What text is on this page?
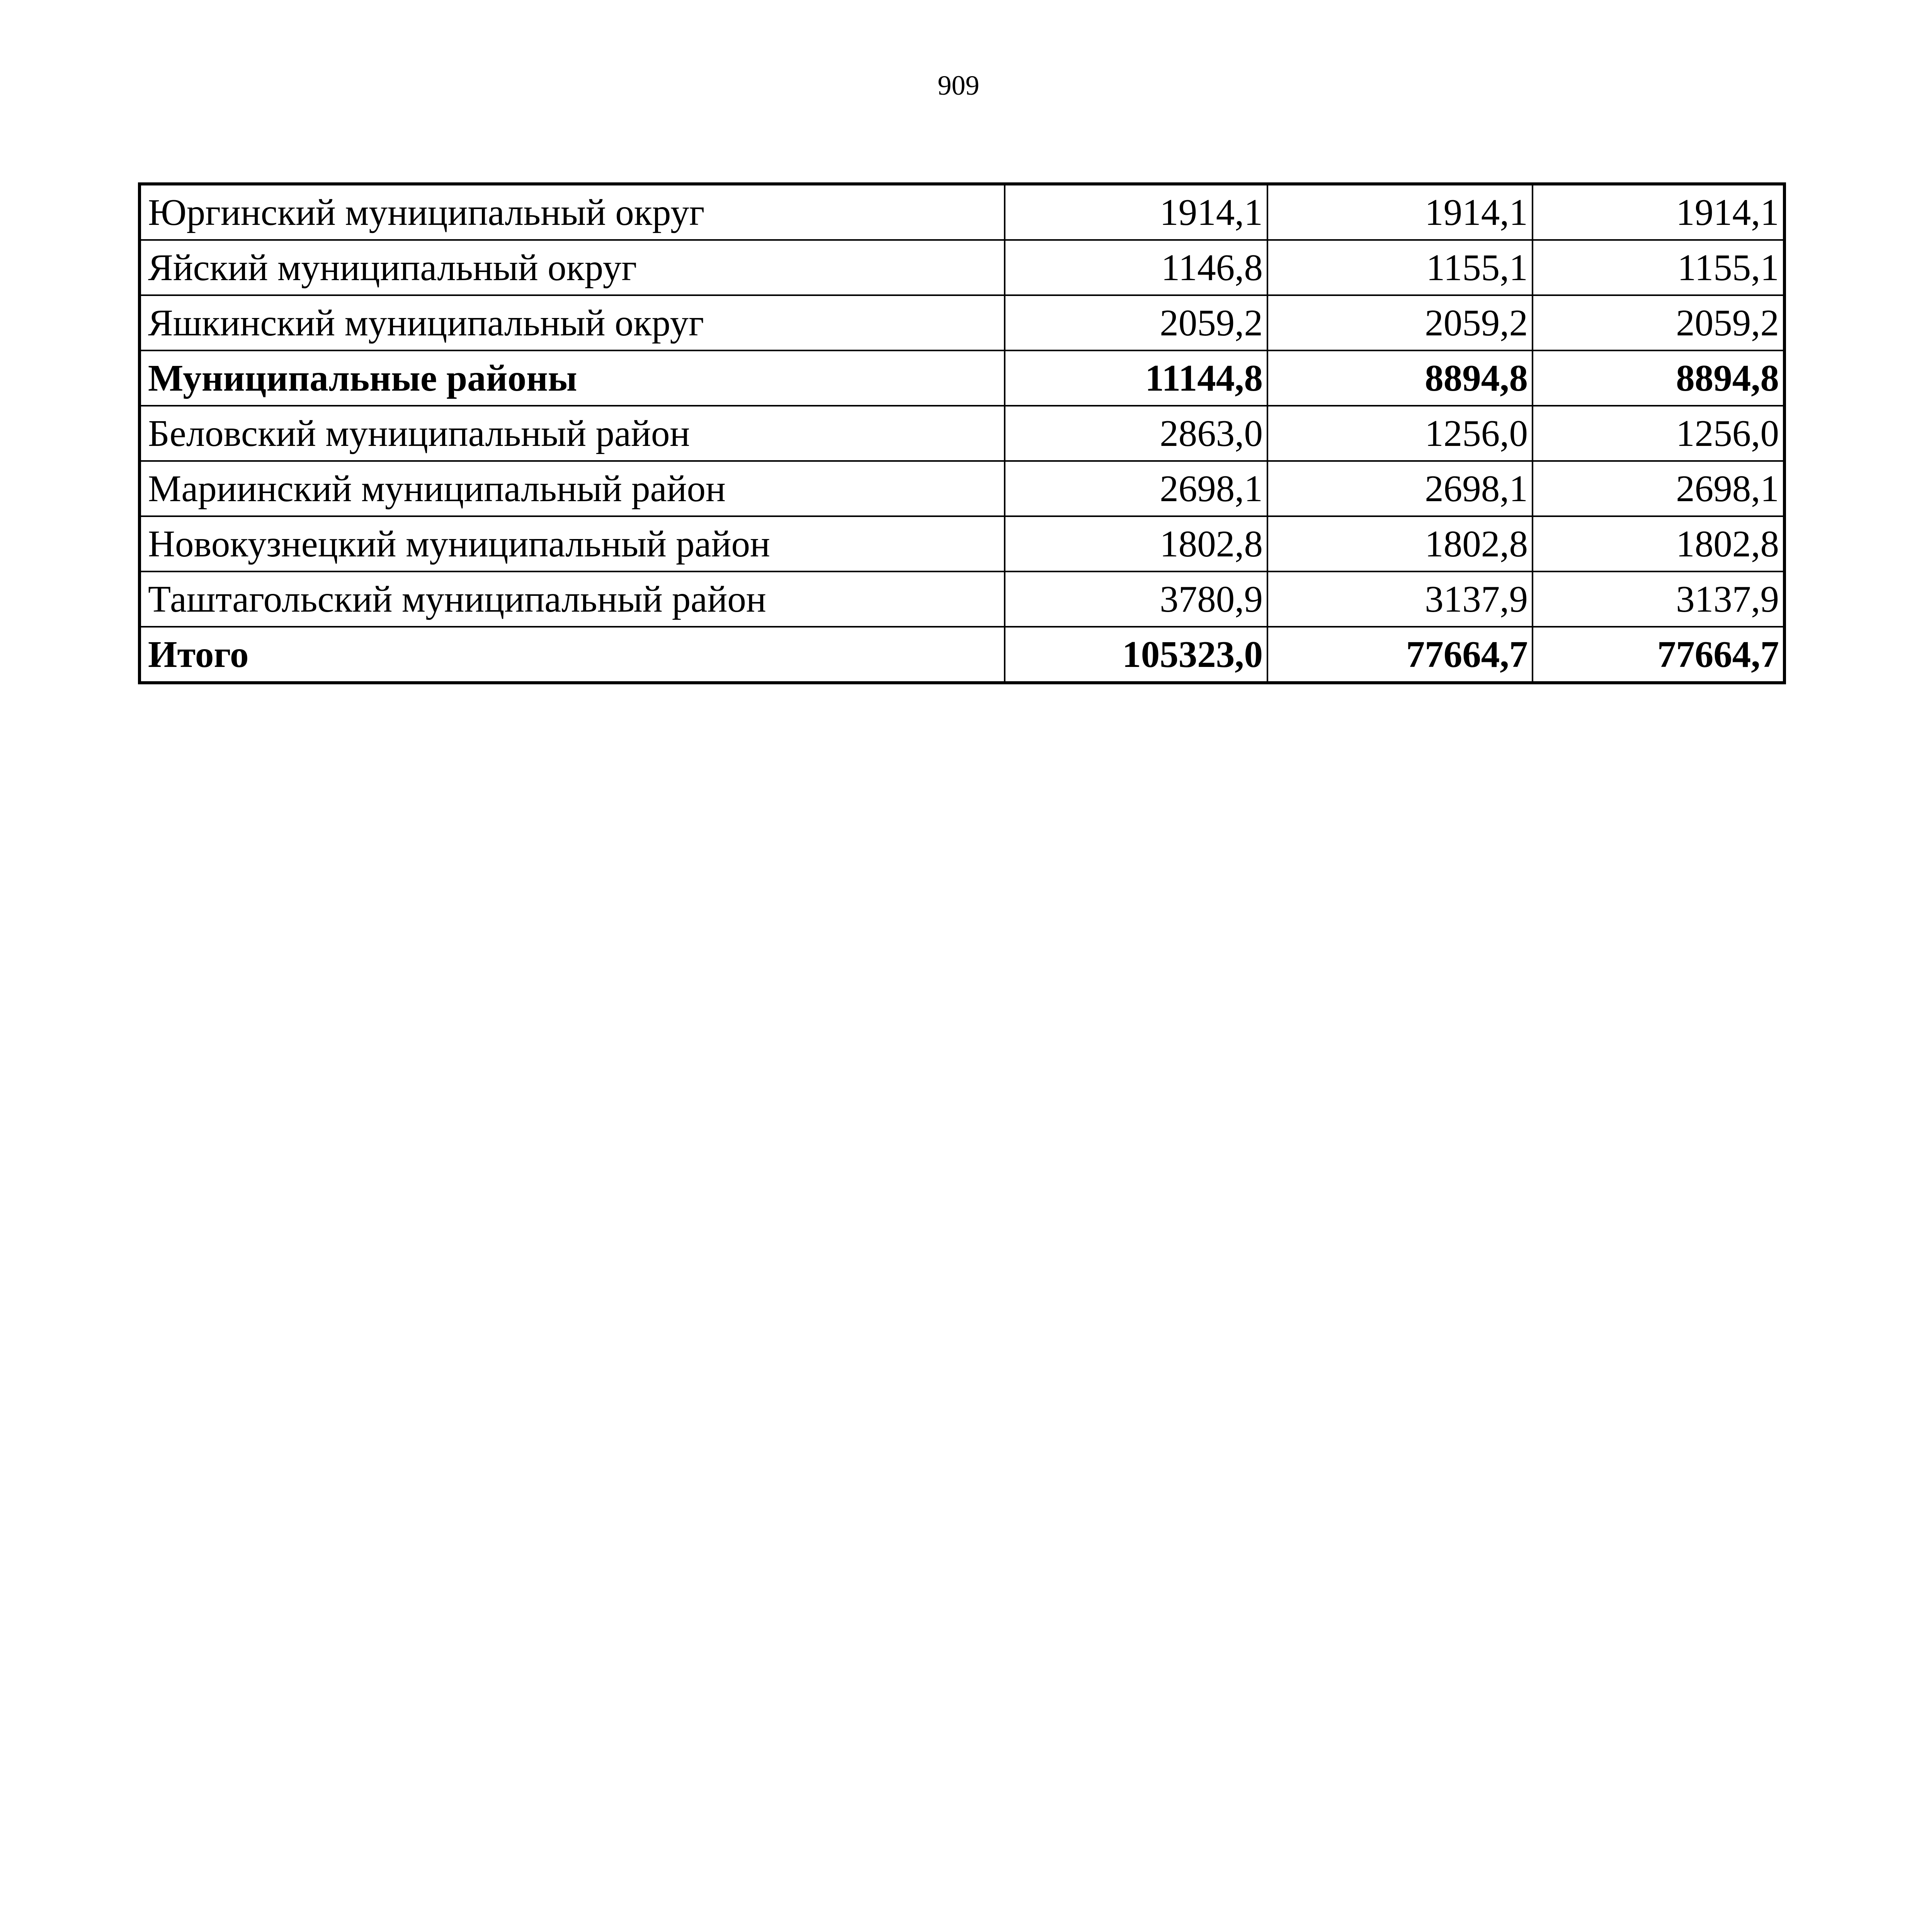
909
Юргинский муниципальный округ	1914,1	1914,1	1914,1
Яйский муниципальный округ	1146,8	1155,1	1155,1
Яшкинский муниципальный округ	2059,2	2059,2	2059,2
Муниципальные районы	11144,8	8894,8	8894,8
Беловский муниципальный район	2863,0	1256,0	1256,0
Мариинский муниципальный район	2698,1	2698,1	2698,1
Новокузнецкий муниципальный район	1802,8	1802,8	1802,8
Таштагольский муниципальный район	3780,9	3137,9	3137,9
Итого	105323,0	77664,7	77664,7
